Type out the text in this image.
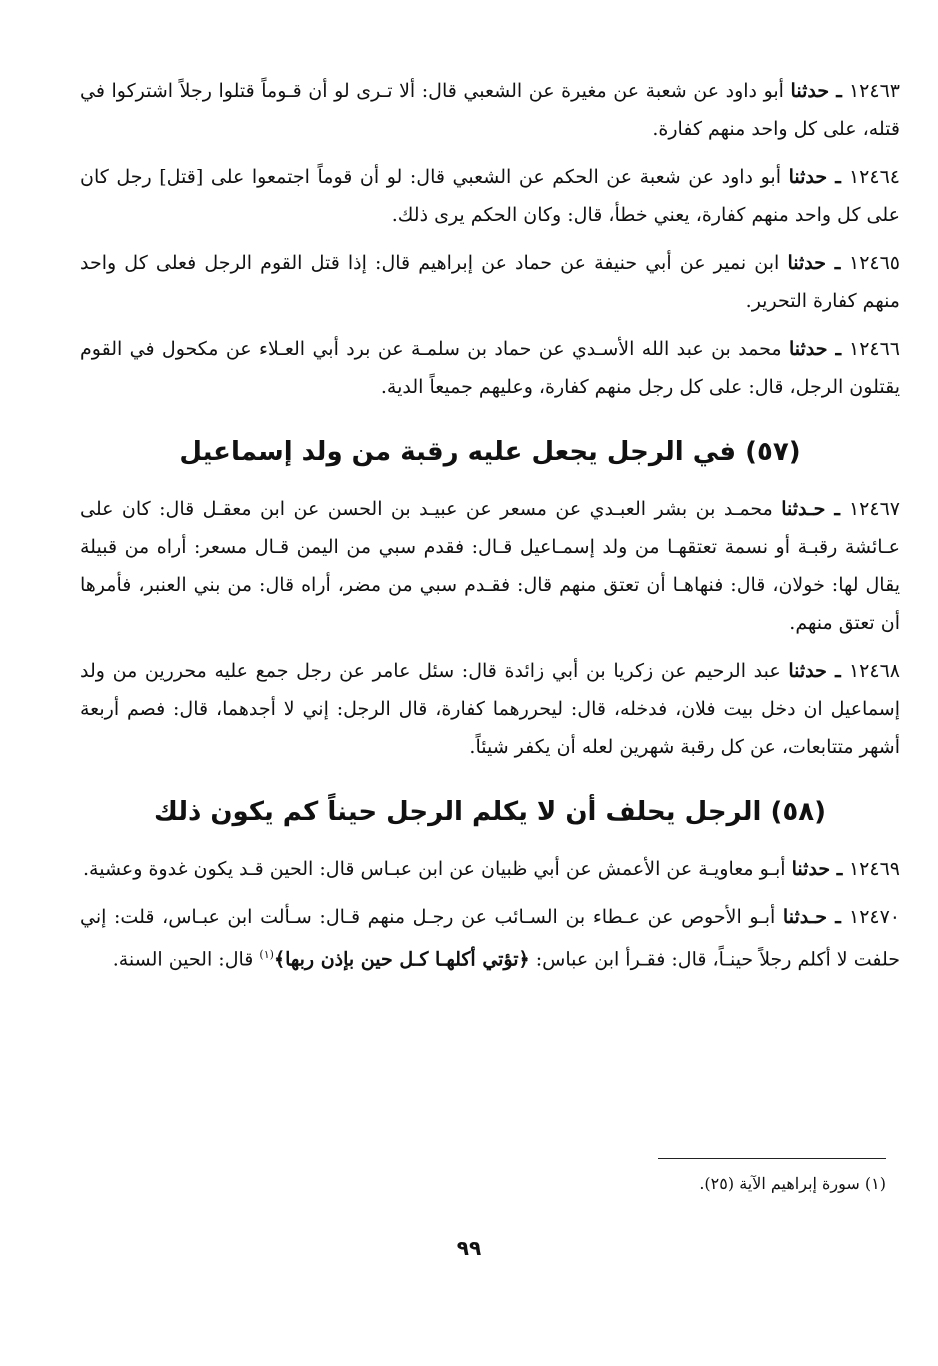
١٢٤٦٣ ـ حدثنا أبو داود عن شعبة عن مغيرة عن الشعبي قال: ألا تـرى لو أن قـوماً قتلوا رجلاً اشتركوا في قتله، على كل واحد منهم كفارة.

١٢٤٦٤ ـ حدثنا أبو داود عن شعبة عن الحكم عن الشعبي قال: لو أن قوماً اجتمعوا على [قتل] رجل كان على كل واحد منهم كفارة، يعني خطأ، قال: وكان الحكم يرى ذلك.

١٢٤٦٥ ـ حدثنا ابن نمير عن أبي حنيفة عن حماد عن إبراهيم قال: إذا قتل القوم الرجل فعلى كل واحد منهم كفارة التحرير.

١٢٤٦٦ ـ حدثنا محمد بن عبد الله الأسـدي عن حماد بن سلمـة عن برد أبي العـلاء عن مكحول في القوم يقتلون الرجل، قال: على كل رجل منهم كفارة، وعليهم جميعاً الدية.

(٥٧) في الرجل يجعل عليه رقبة من ولد إسماعيل

١٢٤٦٧ ـ حـدثنا محمـد بن بشر العبـدي عن مسعر عن عبيـد بن الحسن عن ابن معقـل قال: كان على عـائشة رقبـة أو نسمة تعتقهـا من ولد إسمـاعيل قـال: فقدم سبي من اليمن قـال مسعر: أراه من قبيلة يقال لها: خولان، قال: فنهاهـا أن تعتق منهم قال: فقـدم سبي من مضر، أراه قال: من بني العنبر، فأمرها أن تعتق منهم.

١٢٤٦٨ ـ حدثنا عبد الرحيم عن زكريا بن أبي زائدة قال: سئل عامر عن رجل جمع عليه محررين من ولد إسماعيل ان دخل بيت فلان، فدخله، قال: ليحررهما كفارة، قال الرجل: إني لا أجدهما، قال: فصم أربعة أشهر متتابعات، عن كل رقبة شهرين لعله أن يكفر شيئاً.

(٥٨) الرجل يحلف أن لا يكلم الرجل حيناً كم يكون ذلك

١٢٤٦٩ ـ حدثنا أبـو معاويـة عن الأعمش عن أبي ظبيان عن ابن عبـاس قال: الحين قـد يكون غدوة وعشية.

١٢٤٧٠ ـ حـدثنا أبـو الأحوص عن عـطاء بن السـائب عن رجـل منهم قـال: سـألت ابن عبـاس، قلت: إني حلفت لا أكلم رجلاً حينـاً، قال: فقـرأ ابن عباس: ﴿تؤتي أكلهـا كـل حين بإذن ربها﴾$^{(١)}$ قال: الحين السنة.

(١) سورة إبراهيم الآية (٢٥).
٩٩
